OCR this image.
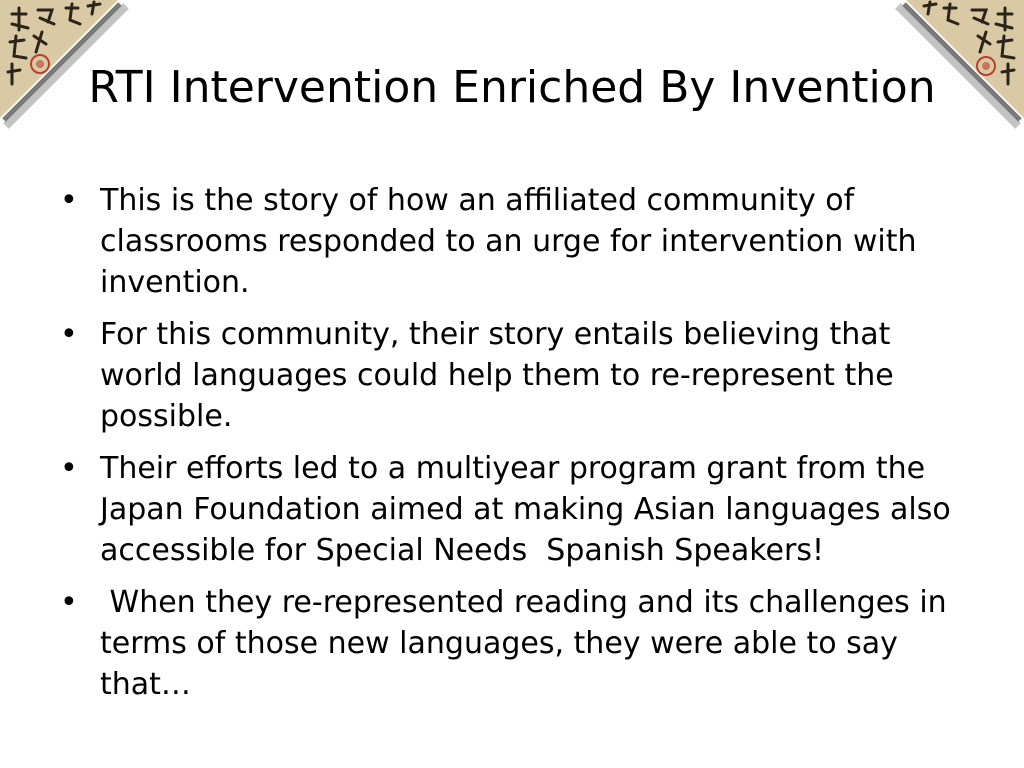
RTI Intervention Enriched By Invention
• This is the story of how an affiliated community of classrooms responded to an urge for intervention with invention.
• For this community, their story entails believing that world languages could help them to re-represent the possible.
• Their efforts led to a multiyear program grant from the Japan Foundation aimed at making Asian languages also accessible for Special Needs  Spanish Speakers!
• When they re-represented reading and its challenges in terms of those new languages, they were able to say that…
